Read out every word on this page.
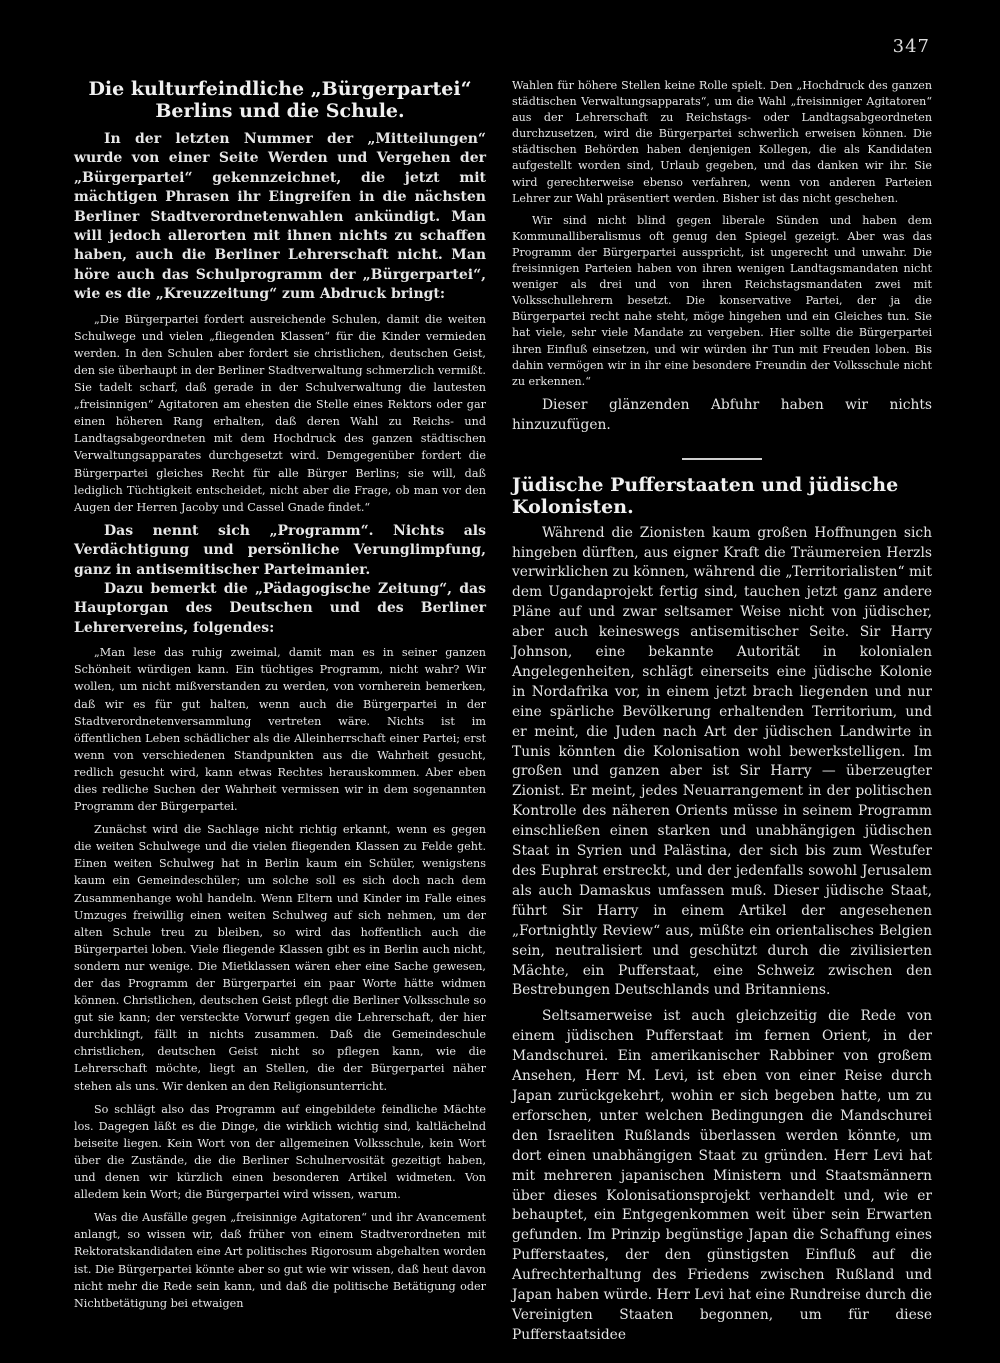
347
Die kulturfeindliche „Bürgerpartei“ Berlins und die Schule.

In der letzten Nummer der „Mitteilungen“ wurde von einer Seite Werden und Vergehen der „Bürgerpartei“ gekennzeichnet, die jetzt mit mächtigen Phrasen ihr Eingreifen in die nächsten Berliner Stadtverordnetenwahlen ankündigt. Man will jedoch allerorten mit ihnen nichts zu schaffen haben, auch die Berliner Lehrerschaft nicht. Man höre auch das Schulprogramm der „Bürgerpartei“, wie es die „Kreuzzeitung“ zum Abdruck bringt:

„Die Bürgerpartei fordert ausreichende Schulen, damit die weiten Schulwege und vielen „fliegenden Klassen“ für die Kinder vermieden werden. In den Schulen aber fordert sie christlichen, deutschen Geist, den sie überhaupt in der Berliner Stadtverwaltung schmerzlich vermißt. Sie tadelt scharf, daß gerade in der Schulverwaltung die lautesten „freisinnigen“ Agitatoren am ehesten die Stelle eines Rektors oder gar einen höheren Rang erhalten, daß deren Wahl zu Reichs- und Landtagsabgeordneten mit dem Hochdruck des ganzen städtischen Verwaltungsapparates durchgesetzt wird. Demgegenüber fordert die Bürgerpartei gleiches Recht für alle Bürger Berlins; sie will, daß lediglich Tüchtigkeit entscheidet, nicht aber die Frage, ob man vor den Augen der Herren Jacoby und Cassel Gnade findet.“

Das nennt sich „Programm“. Nichts als Verdächtigung und persönliche Verunglimpfung, ganz in antisemitischer Parteimanier.

Dazu bemerkt die „Pädagogische Zeitung“, das Hauptorgan des Deutschen und des Berliner Lehrervereins, folgendes:

„Man lese das ruhig zweimal, damit man es in seiner ganzen Schönheit würdigen kann. Ein tüchtiges Programm, nicht wahr? Wir wollen, um nicht mißverstanden zu werden, von vornherein bemerken, daß wir es für gut halten, wenn auch die Bürgerpartei in der Stadtverordnetenversammlung vertreten wäre. Nichts ist im öffentlichen Leben schädlicher als die Alleinherrschaft einer Partei; erst wenn von verschiedenen Standpunkten aus die Wahrheit gesucht, redlich gesucht wird, kann etwas Rechtes herauskommen. Aber eben dies redliche Suchen der Wahrheit vermissen wir in dem sogenannten Programm der Bürgerpartei.

Zunächst wird die Sachlage nicht richtig erkannt, wenn es gegen die weiten Schulwege und die vielen fliegenden Klassen zu Felde geht. Einen weiten Schulweg hat in Berlin kaum ein Schüler, wenigstens kaum ein Gemeindeschüler; um solche soll es sich doch nach dem Zusammenhange wohl handeln. Wenn Eltern und Kinder im Falle eines Umzuges freiwillig einen weiten Schulweg auf sich nehmen, um der alten Schule treu zu bleiben, so wird das hoffentlich auch die Bürgerpartei loben. Viele fliegende Klassen gibt es in Berlin auch nicht, sondern nur wenige. Die Mietklassen wären eher eine Sache gewesen, der das Programm der Bürgerpartei ein paar Worte hätte widmen können. Christlichen, deutschen Geist pflegt die Berliner Volksschule so gut sie kann; der versteckte Vorwurf gegen die Lehrerschaft, der hier durchklingt, fällt in nichts zusammen. Daß die Gemeindeschule christlichen, deutschen Geist nicht so pflegen kann, wie die Lehrerschaft möchte, liegt an Stellen, die der Bürgerpartei näher stehen als uns. Wir denken an den Religionsunterricht.

So schlägt also das Programm auf eingebildete feindliche Mächte los. Dagegen läßt es die Dinge, die wirklich wichtig sind, kaltlächelnd beiseite liegen. Kein Wort von der allgemeinen Volksschule, kein Wort über die Zustände, die die Berliner Schulnervosität gezeitigt haben, und denen wir kürzlich einen besonderen Artikel widmeten. Von alledem kein Wort; die Bürgerpartei wird wissen, warum.

Was die Ausfälle gegen „freisinnige Agitatoren“ und ihr Avancement anlangt, so wissen wir, daß früher von einem Stadtverordneten mit Rektoratskandidaten eine Art politisches Rigorosum abgehalten worden ist. Die Bürgerpartei könnte aber so gut wie wir wissen, daß heut davon nicht mehr die Rede sein kann, und daß die politische Betätigung oder Nichtbetätigung bei etwaigen

Wahlen für höhere Stellen keine Rolle spielt. Den „Hochdruck des ganzen städtischen Verwaltungsapparats“, um die Wahl „freisinniger Agitatoren“ aus der Lehrerschaft zu Reichstags- oder Landtagsabgeordneten durchzusetzen, wird die Bürgerpartei schwerlich erweisen können. Die städtischen Behörden haben denjenigen Kollegen, die als Kandidaten aufgestellt worden sind, Urlaub gegeben, und das danken wir ihr. Sie wird gerechterweise ebenso verfahren, wenn von anderen Parteien Lehrer zur Wahl präsentiert werden. Bisher ist das nicht geschehen.

Wir sind nicht blind gegen liberale Sünden und haben dem Kommunalliberalismus oft genug den Spiegel gezeigt. Aber was das Programm der Bürgerpartei ausspricht, ist ungerecht und unwahr. Die freisinnigen Parteien haben von ihren wenigen Landtagsmandaten nicht weniger als drei und von ihren Reichstagsmandaten zwei mit Volksschullehrern besetzt. Die konservative Partei, der ja die Bürgerpartei recht nahe steht, möge hingehen und ein Gleiches tun. Sie hat viele, sehr viele Mandate zu vergeben. Hier sollte die Bürgerpartei ihren Einfluß einsetzen, und wir würden ihr Tun mit Freuden loben. Bis dahin vermögen wir in ihr eine besondere Freundin der Volksschule nicht zu erkennen.“

Dieser glänzenden Abfuhr haben wir nichts hinzuzufügen.

Jüdische Pufferstaaten und jüdische Kolonisten.

Während die Zionisten kaum großen Hoffnungen sich hingeben dürften, aus eigner Kraft die Träumereien Herzls verwirklichen zu können, während die „Territorialisten“ mit dem Ugandaprojekt fertig sind, tauchen jetzt ganz andere Pläne auf und zwar seltsamer Weise nicht von jüdischer, aber auch keineswegs antisemitischer Seite. Sir Harry Johnson, eine bekannte Autorität in kolonialen Angelegenheiten, schlägt einerseits eine jüdische Kolonie in Nordafrika vor, in einem jetzt brach liegenden und nur eine spärliche Bevölkerung erhaltenden Territorium, und er meint, die Juden nach Art der jüdischen Landwirte in Tunis könnten die Kolonisation wohl bewerkstelligen. Im großen und ganzen aber ist Sir Harry — überzeugter Zionist. Er meint, jedes Neuarrangement in der politischen Kontrolle des näheren Orients müsse in seinem Programm einschließen einen starken und unabhängigen jüdischen Staat in Syrien und Palästina, der sich bis zum Westufer des Euphrat erstreckt, und der jedenfalls sowohl Jerusalem als auch Damaskus umfassen muß. Dieser jüdische Staat, führt Sir Harry in einem Artikel der angesehenen „Fortnightly Review“ aus, müßte ein orientalisches Belgien sein, neutralisiert und geschützt durch die zivilisierten Mächte, ein Pufferstaat, eine Schweiz zwischen den Bestrebungen Deutschlands und Britanniens.

Seltsamerweise ist auch gleichzeitig die Rede von einem jüdischen Pufferstaat im fernen Orient, in der Mandschurei. Ein amerikanischer Rabbiner von großem Ansehen, Herr M. Levi, ist eben von einer Reise durch Japan zurückgekehrt, wohin er sich begeben hatte, um zu erforschen, unter welchen Bedingungen die Mandschurei den Israeliten Rußlands überlassen werden könnte, um dort einen unabhängigen Staat zu gründen. Herr Levi hat mit mehreren japanischen Ministern und Staatsmännern über dieses Kolonisationsprojekt verhandelt und, wie er behauptet, ein Entgegenkommen weit über sein Erwarten gefunden. Im Prinzip begünstige Japan die Schaffung eines Pufferstaates, der den günstigsten Einfluß auf die Aufrechterhaltung des Friedens zwischen Rußland und Japan haben würde. Herr Levi hat eine Rundreise durch die Vereinigten Staaten begonnen, um für diese Pufferstaatsidee
